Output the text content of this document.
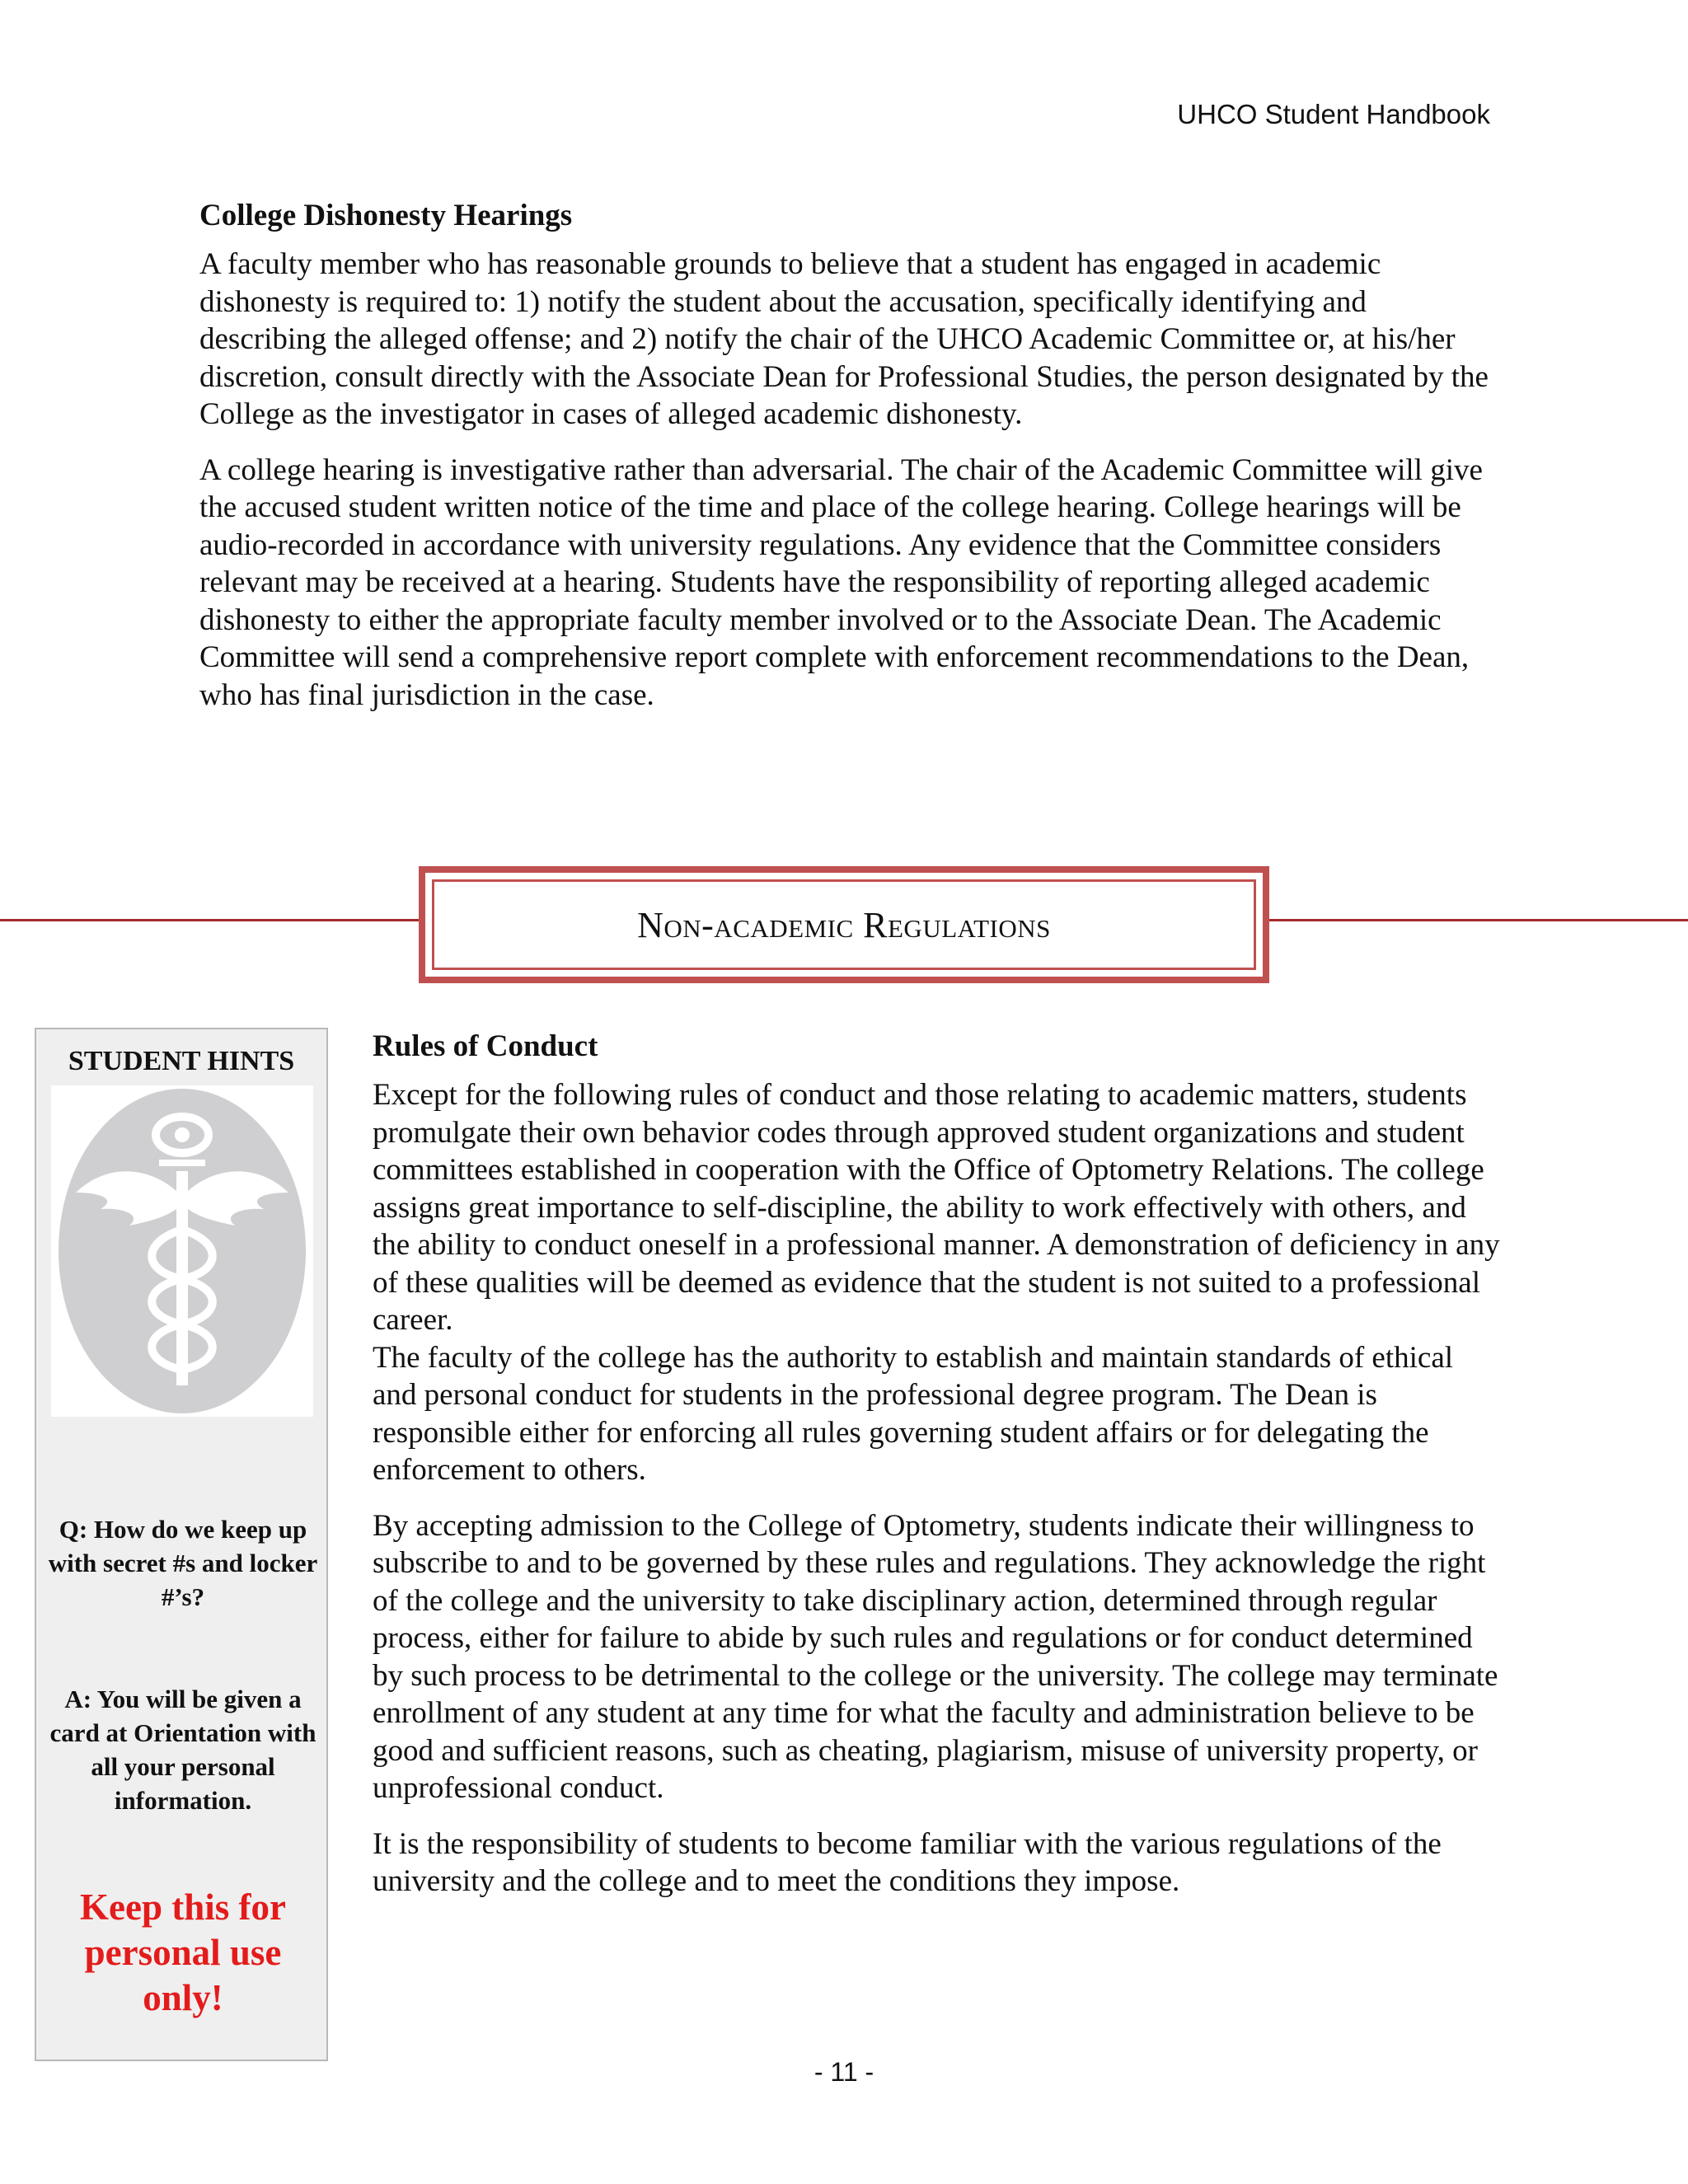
UHCO Student Handbook
College Dishonesty Hearings

A faculty member who has reasonable grounds to believe that a student has engaged in academic dishonesty is required to: 1) notify the student about the accusation, specifically identifying and describing the alleged offense; and 2) notify the chair of the UHCO Academic Committee or, at his/her discretion, consult directly with the Associate Dean for Professional Studies, the person designated by the College as the investigator in cases of alleged academic dishonesty.

A college hearing is investigative rather than adversarial. The chair of the Academic Committee will give the accused student written notice of the time and place of the college hearing. College hearings will be audio-recorded in accordance with university regulations. Any evidence that the Committee considers relevant may be received at a hearing. Students have the responsibility of reporting alleged academic dishonesty to either the appropriate faculty member involved or to the Associate Dean. The Academic Committee will send a comprehensive report complete with enforcement recommendations to the Dean, who has final jurisdiction in the case.

Non-academic Regulations
STUDENT HINTS
Q: How do we keep up with secret #s and locker #’s?
A: You will be given a card at Orientation with all your personal information.
Keep this for personal use only!
Rules of Conduct

Except for the following rules of conduct and those relating to academic matters, students promulgate their own behavior codes through approved student organizations and student committees established in cooperation with the Office of Optometry Relations. The college assigns great importance to self-discipline, the ability to work effectively with others, and the ability to conduct oneself in a professional manner. A demonstration of deficiency in any of these qualities will be deemed as evidence that the student is not suited to a professional career.

The faculty of the college has the authority to establish and maintain standards of ethical and personal conduct for students in the professional degree program. The Dean is responsible either for enforcing all rules governing student affairs or for delegating the enforcement to others.

By accepting admission to the College of Optometry, students indicate their willingness to subscribe to and to be governed by these rules and regulations. They acknowledge the right of the college and the university to take disciplinary action, determined through regular process, either for failure to abide by such rules and regulations or for conduct determined by such process to be detrimental to the college or the university. The college may terminate enrollment of any student at any time for what the faculty and administration believe to be good and sufficient reasons, such as cheating, plagiarism, misuse of university property, or unprofessional conduct.

It is the responsibility of students to become familiar with the various regulations of the university and the college and to meet the conditions they impose.

- 11 -
